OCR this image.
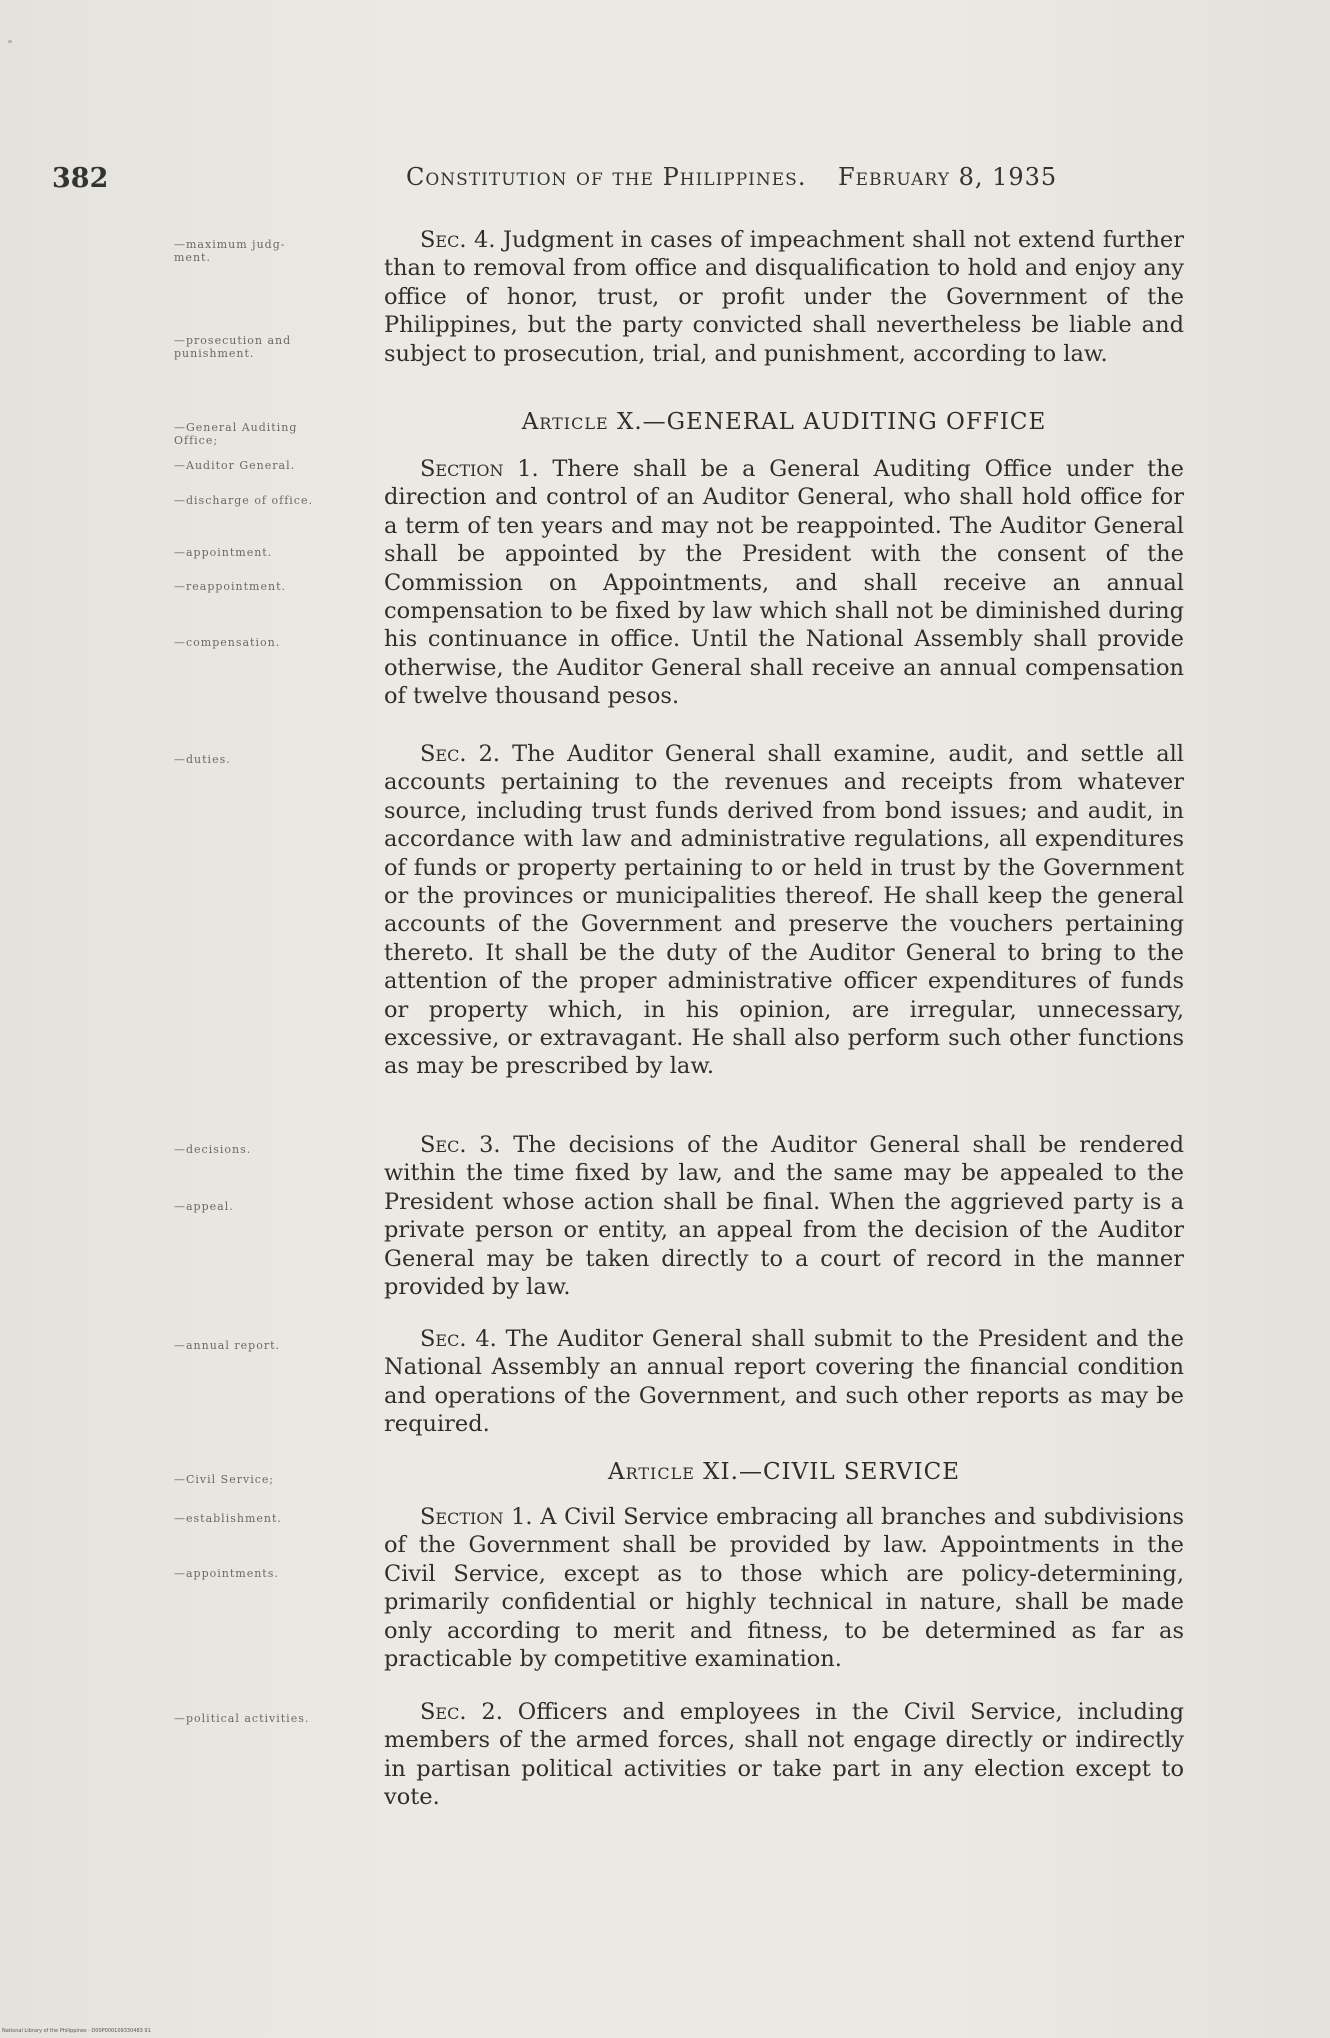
382	Constitution of the Philippines. February 8, 1935
—maximum judg-
ment.
—prosecution and
punishment.
—General Auditing
Office;
—Auditor General.
—discharge of office.
—appointment.
—reappointment.
—compensation.
—duties.
—decisions.
—appeal.
—annual report.
—Civil Service;
—establishment.
—appointments.
—political activities.

Sec. 4. Judgment in cases of impeachment shall not extend further than to removal from office and disqualification to hold and enjoy any office of honor, trust, or profit under the Government of the Philippines, but the party convicted shall nevertheless be liable and subject to prosecution, trial, and punishment, according to law.

Article X.—GENERAL AUDITING OFFICE

Section 1. There shall be a General Auditing Office under the direction and control of an Auditor General, who shall hold office for a term of ten years and may not be reappointed. The Auditor General shall be appointed by the President with the consent of the Commission on Appointments, and shall receive an annual compensation to be fixed by law which shall not be diminished during his continuance in office. Until the National Assembly shall provide otherwise, the Auditor General shall receive an annual compensation of twelve thousand pesos.

Sec. 2. The Auditor General shall examine, audit, and settle all accounts pertaining to the revenues and receipts from whatever source, including trust funds derived from bond issues; and audit, in accordance with law and administrative regulations, all expenditures of funds or property pertaining to or held in trust by the Government or the provinces or municipalities thereof. He shall keep the general accounts of the Government and preserve the vouchers pertaining thereto. It shall be the duty of the Auditor General to bring to the attention of the proper administrative officer expenditures of funds or property which, in his opinion, are irregular, unnecessary, excessive, or extravagant. He shall also perform such other functions as may be prescribed by law.

Sec. 3. The decisions of the Auditor General shall be rendered within the time fixed by law, and the same may be appealed to the President whose action shall be final. When the aggrieved party is a private person or entity, an appeal from the decision of the Auditor General may be taken directly to a court of record in the manner provided by law.

Sec. 4. The Auditor General shall submit to the President and the National Assembly an annual report covering the financial condition and operations of the Government, and such other reports as may be required.

Article XI.—CIVIL SERVICE

Section 1. A Civil Service embracing all branches and subdivisions of the Government shall be provided by law. Appointments in the Civil Service, except as to those which are policy-determining, primarily confidential or highly technical in nature, shall be made only according to merit and fitness, to be determined as far as practicable by competitive examination.

Sec. 2. Officers and employees in the Civil Service, including members of the armed forces, shall not engage directly or indirectly in partisan political activities or take part in any election except to vote.

National Library of the Philippines · D00P000109330483 91
